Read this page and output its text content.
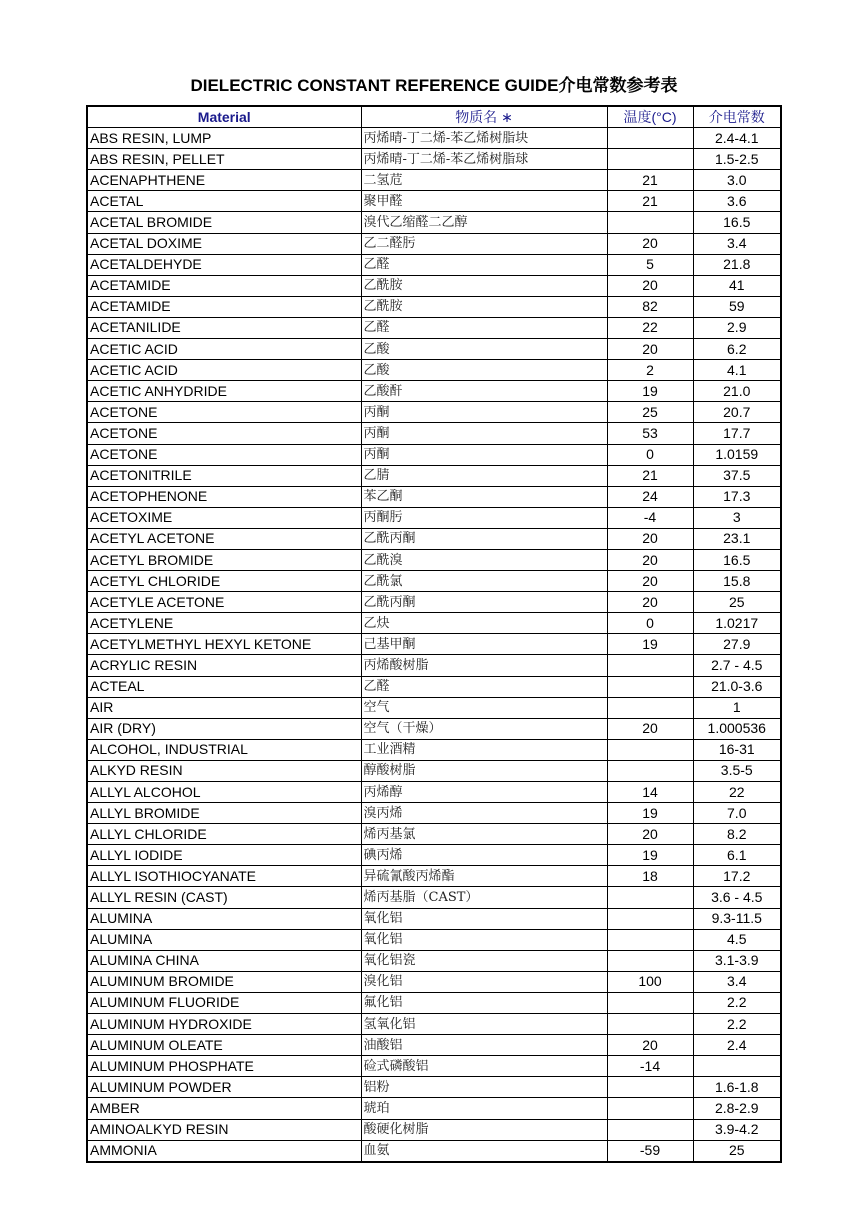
DIELECTRIC CONSTANT REFERENCE GUIDE介电常数参考表
Material	物质名 ∗	温度(°C)	介电常数
ABS RESIN, LUMP	丙烯晴-丁二烯-苯乙烯树脂块		2.4-4.1
ABS RESIN, PELLET	丙烯晴-丁二烯-苯乙烯树脂球		1.5-2.5
ACENAPHTHENE	二氢苊	21	3.0
ACETAL	聚甲醛	21	3.6
ACETAL BROMIDE	溴代乙缩醛二乙醇		16.5
ACETAL DOXIME	乙二醛肟	20	3.4
ACETALDEHYDE	乙醛	5	21.8
ACETAMIDE	乙酰胺	20	41
ACETAMIDE	乙酰胺	82	59
ACETANILIDE	乙醛	22	2.9
ACETIC ACID	乙酸	20	6.2
ACETIC ACID	乙酸	2	4.1
ACETIC ANHYDRIDE	乙酸酐	19	21.0
ACETONE	丙酮	25	20.7
ACETONE	丙酮	53	17.7
ACETONE	丙酮	0	1.0159
ACETONITRILE	乙腈	21	37.5
ACETOPHENONE	苯乙酮	24	17.3
ACETOXIME	丙酮肟	-4	3
ACETYL ACETONE	乙酰丙酮	20	23.1
ACETYL BROMIDE	乙酰溴	20	16.5
ACETYL CHLORIDE	乙酰氯	20	15.8
ACETYLE ACETONE	乙酰丙酮	20	25
ACETYLENE	乙炔	0	1.0217
ACETYLMETHYL HEXYL KETONE	己基甲酮	19	27.9
ACRYLIC RESIN	丙烯酸树脂		2.7 - 4.5
ACTEAL	乙醛		21.0-3.6
AIR	空气		1
AIR (DRY)	空气（干燥）	20	1.000536
ALCOHOL, INDUSTRIAL	工业酒精		16-31
ALKYD RESIN	醇酸树脂		3.5-5
ALLYL ALCOHOL	丙烯醇	14	22
ALLYL BROMIDE	溴丙烯	19	7.0
ALLYL CHLORIDE	烯丙基氯	20	8.2
ALLYL IODIDE	碘丙烯	19	6.1
ALLYL ISOTHIOCYANATE	异硫氰酸丙烯酯	18	17.2
ALLYL RESIN (CAST)	烯丙基脂（CAST）		3.6 - 4.5
ALUMINA	氧化铝		9.3-11.5
ALUMINA	氧化铝		4.5
ALUMINA CHINA	氧化铝瓷		3.1-3.9
ALUMINUM BROMIDE	溴化铝	100	3.4
ALUMINUM FLUORIDE	氟化铝		2.2
ALUMINUM HYDROXIDE	氢氧化铝		2.2
ALUMINUM OLEATE	油酸铝	20	2.4
ALUMINUM PHOSPHATE	硷式磷酸铝	-14	
ALUMINUM POWDER	铝粉		1.6-1.8
AMBER	琥珀		2.8-2.9
AMINOALKYD RESIN	酸硬化树脂		3.9-4.2
AMMONIA	血氨	-59	25
